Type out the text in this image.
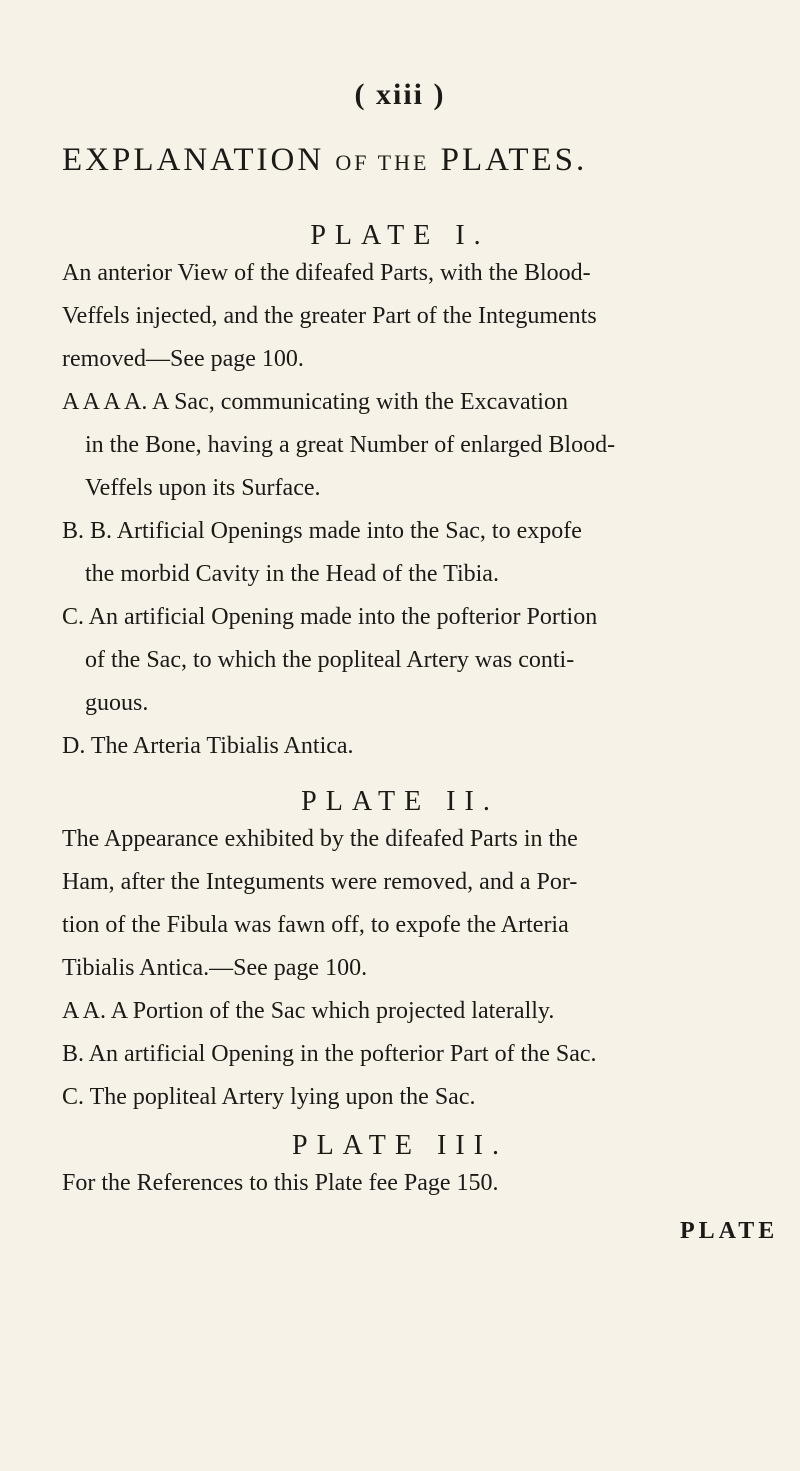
( xiii )
EXPLANATION OF THE PLATES.
PLATE I.
An anterior View of the difeafed Parts, with the Blood-
Veffels injected, and the greater Part of the Integuments
removed—See page 100.
A A A A. A Sac, communicating with the Excavation
in the Bone, having a great Number of enlarged Blood-
Veffels upon its Surface.
B. B. Artificial Openings made into the Sac, to expofe
the morbid Cavity in the Head of the Tibia.
C. An artificial Opening made into the pofterior Portion
of the Sac, to which the popliteal Artery was conti-
guous.
D. The Arteria Tibialis Antica.
PLATE II.
The Appearance exhibited by the difeafed Parts in the
Ham, after the Integuments were removed, and a Por-
tion of the Fibula was fawn off, to expofe the Arteria
Tibialis Antica.—See page 100.
A A. A Portion of the Sac which projected laterally.
B. An artificial Opening in the pofterior Part of the Sac.
C. The popliteal Artery lying upon the Sac.
PLATE III.
For the References to this Plate fee Page 150.
PLATE
